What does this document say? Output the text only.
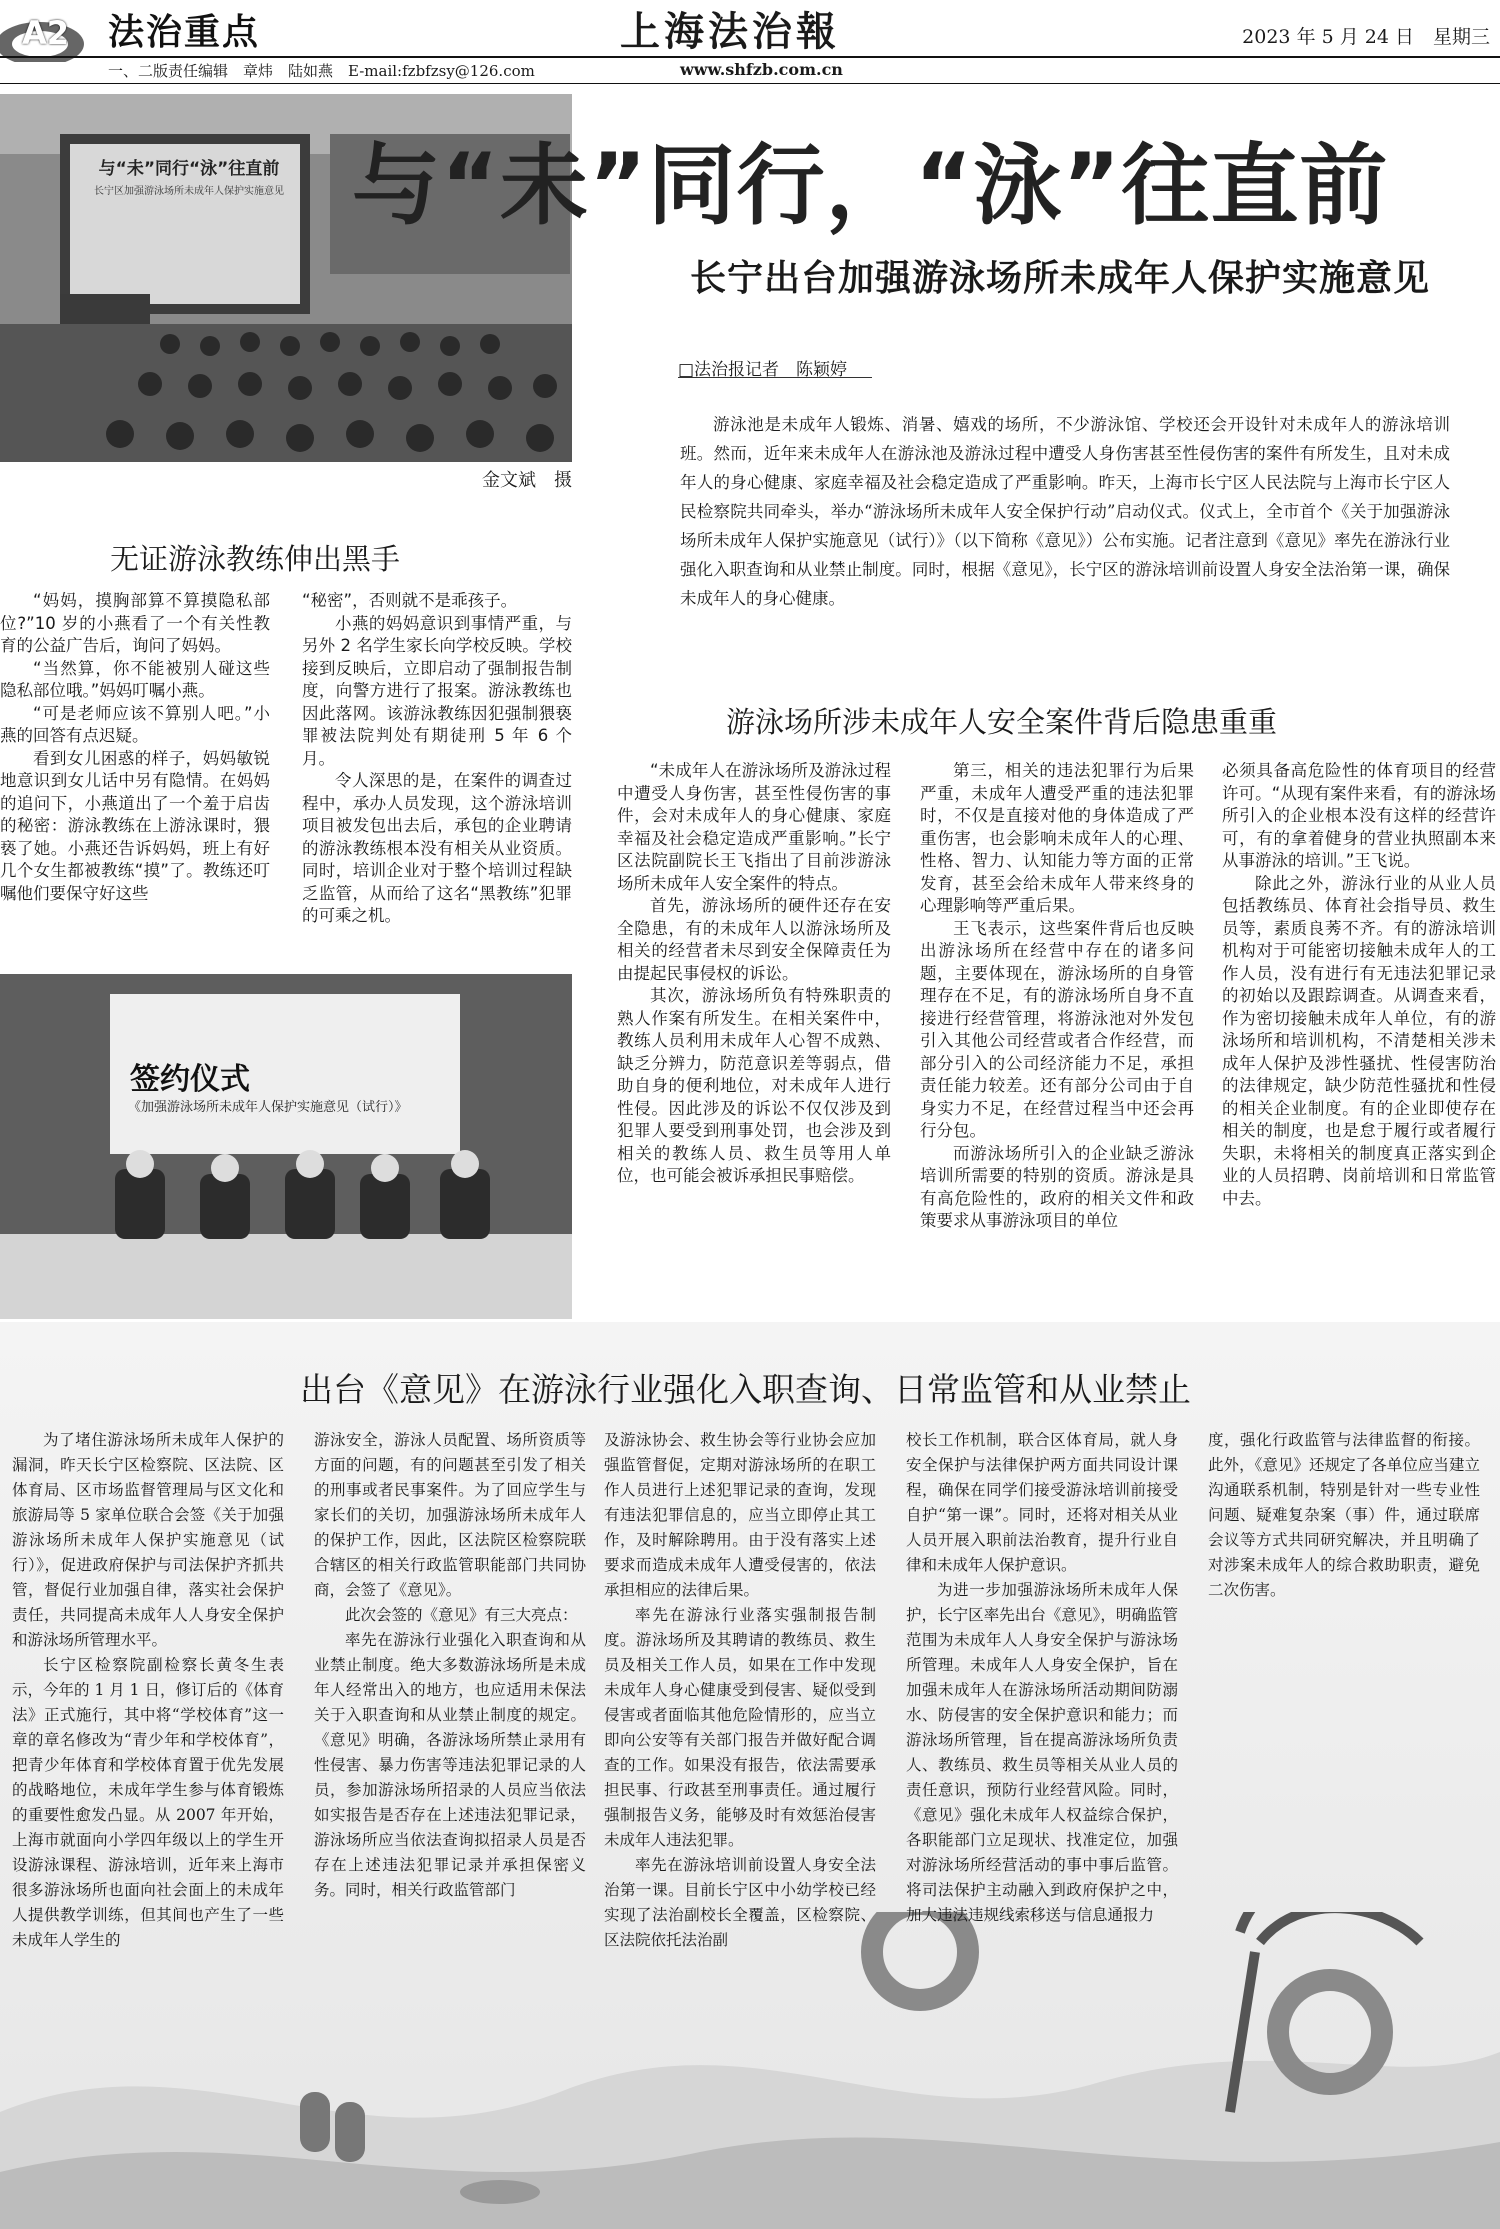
A2 法治重点	上海法治報	2023 年 5 月 24 日　星期三
一、二版责任编辑　章炜　陆如燕　E-mail:fzbfzsy@126.com	www.shfzb.com.cn
与“未”同行“泳”往直前
长宁区加强游泳场所未成年人保护实施意见
金文斌　摄
与“未”同行，“泳”往直前
长宁出台加强游泳场所未成年人保护实施意见
□法治报记者　陈颖婷
游泳池是未成年人锻炼、消暑、嬉戏的场所，不少游泳馆、学校还会开设针对未成年人的游泳培训班。然而，近年来未成年人在游泳池及游泳过程中遭受人身伤害甚至性侵伤害的案件有所发生，且对未成年人的身心健康、家庭幸福及社会稳定造成了严重影响。昨天，上海市长宁区人民法院与上海市长宁区人民检察院共同牵头，举办“游泳场所未成年人安全保护行动”启动仪式。仪式上，全市首个《关于加强游泳场所未成年人保护实施意见（试行）》（以下简称《意见》）公布实施。记者注意到《意见》率先在游泳行业强化入职查询和从业禁止制度。同时，根据《意见》，长宁区的游泳培训前设置人身安全法治第一课，确保未成年人的身心健康。
无证游泳教练伸出黑手

“妈妈，摸胸部算不算摸隐私部位?”10 岁的小燕看了一个有关性教育的公益广告后，询问了妈妈。

“当然算，你不能被别人碰这些隐私部位哦。”妈妈叮嘱小燕。

“可是老师应该不算别人吧。”小燕的回答有点迟疑。

看到女儿困惑的样子，妈妈敏锐地意识到女儿话中另有隐情。在妈妈的追问下，小燕道出了一个羞于启齿的秘密：游泳教练在上游泳课时，猥亵了她。小燕还告诉妈妈，班上有好几个女生都被教练“摸”了。教练还叮嘱他们要保守好这些

“秘密”，否则就不是乖孩子。

小燕的妈妈意识到事情严重，与另外 2 名学生家长向学校反映。学校接到反映后，立即启动了强制报告制度，向警方进行了报案。游泳教练也因此落网。该游泳教练因犯强制猥亵罪被法院判处有期徒刑 5 年 6 个月。

令人深思的是，在案件的调查过程中，承办人员发现，这个游泳培训项目被发包出去后，承包的企业聘请的游泳教练根本没有相关从业资质。同时，培训企业对于整个培训过程缺乏监管，从而给了这名“黑教练”犯罪的可乘之机。

签约仪式
《加强游泳场所未成年人保护实施意见（试行）》
游泳场所涉未成年人安全案件背后隐患重重

“未成年人在游泳场所及游泳过程中遭受人身伤害，甚至性侵伤害的事件，会对未成年人的身心健康、家庭幸福及社会稳定造成严重影响。”长宁区法院副院长王飞指出了目前涉游泳场所未成年人安全案件的特点。

首先，游泳场所的硬件还存在安全隐患，有的未成年人以游泳场所及相关的经营者未尽到安全保障责任为由提起民事侵权的诉讼。

其次，游泳场所负有特殊职责的熟人作案有所发生。在相关案件中，教练人员利用未成年人心智不成熟、缺乏分辨力，防范意识差等弱点，借助自身的便利地位，对未成年人进行性侵。因此涉及的诉讼不仅仅涉及到犯罪人要受到刑事处罚，也会涉及到相关的教练人员、救生员等用人单位，也可能会被诉承担民事赔偿。

第三，相关的违法犯罪行为后果严重，未成年人遭受严重的违法犯罪时，不仅是直接对他的身体造成了严重伤害，也会影响未成年人的心理、性格、智力、认知能力等方面的正常发育，甚至会给未成年人带来终身的心理影响等严重后果。

王飞表示，这些案件背后也反映出游泳场所在经营中存在的诸多问题，主要体现在，游泳场所的自身管理存在不足，有的游泳场所自身不直接进行经营管理，将游泳池对外发包引入其他公司经营或者合作经营，而部分引入的公司经济能力不足，承担责任能力较差。还有部分公司由于自身实力不足，在经营过程当中还会再行分包。

而游泳场所引入的企业缺乏游泳培训所需要的特别的资质。游泳是具有高危险性的，政府的相关文件和政策要求从事游泳项目的单位

必须具备高危险性的体育项目的经营许可。“从现有案件来看，有的游泳场所引入的企业根本没有这样的经营许可，有的拿着健身的营业执照副本来从事游泳的培训。”王飞说。

除此之外，游泳行业的从业人员包括教练员、体育社会指导员、救生员等，素质良莠不齐。有的游泳培训机构对于可能密切接触未成年人的工作人员，没有进行有无违法犯罪记录的初始以及跟踪调查。从调查来看，作为密切接触未成年人单位，有的游泳场所和培训机构，不清楚相关涉未成年人保护及涉性骚扰、性侵害防治的法律规定，缺少防范性骚扰和性侵的相关企业制度。有的企业即使存在相关的制度，也是怠于履行或者履行失职，未将相关的制度真正落实到企业的人员招聘、岗前培训和日常监管中去。

出台《意见》在游泳行业强化入职查询、日常监管和从业禁止

为了堵住游泳场所未成年人保护的漏洞，昨天长宁区检察院、区法院、区体育局、区市场监督管理局与区文化和旅游局等 5 家单位联合会签《关于加强游泳场所未成年人保护实施意见（试行）》，促进政府保护与司法保护齐抓共管，督促行业加强自律，落实社会保护责任，共同提高未成年人人身安全保护和游泳场所管理水平。

长宁区检察院副检察长黄冬生表示，今年的 1 月 1 日，修订后的《体育法》正式施行，其中将“学校体育”这一章的章名修改为“青少年和学校体育”，把青少年体育和学校体育置于优先发展的战略地位，未成年学生参与体育锻炼的重要性愈发凸显。从 2007 年开始，上海市就面向小学四年级以上的学生开设游泳课程、游泳培训，近年来上海市很多游泳场所也面向社会面上的未成年人提供教学训练，但其间也产生了一些未成年人学生的

游泳安全，游泳人员配置、场所资质等方面的问题，有的问题甚至引发了相关的刑事或者民事案件。为了回应学生与家长们的关切，加强游泳场所未成年人的保护工作，因此，区法院区检察院联合辖区的相关行政监管职能部门共同协商，会签了《意见》。

此次会签的《意见》有三大亮点：

率先在游泳行业强化入职查询和从业禁止制度。绝大多数游泳场所是未成年人经常出入的地方，也应适用未保法关于入职查询和从业禁止制度的规定。《意见》明确，各游泳场所禁止录用有性侵害、暴力伤害等违法犯罪记录的人员，参加游泳场所招录的人员应当依法如实报告是否存在上述违法犯罪记录，游泳场所应当依法查询拟招录人员是否存在上述违法犯罪记录并承担保密义务。同时，相关行政监管部门

及游泳协会、救生协会等行业协会应加强监管督促，定期对游泳场所的在职工作人员进行上述犯罪记录的查询，发现有违法犯罪信息的，应当立即停止其工作，及时解除聘用。由于没有落实上述要求而造成未成年人遭受侵害的，依法承担相应的法律后果。

率先在游泳行业落实强制报告制度。游泳场所及其聘请的教练员、救生员及相关工作人员，如果在工作中发现未成年人身心健康受到侵害、疑似受到侵害或者面临其他危险情形的，应当立即向公安等有关部门报告并做好配合调查的工作。如果没有报告，依法需要承担民事、行政甚至刑事责任。通过履行强制报告义务，能够及时有效惩治侵害未成年人违法犯罪。

率先在游泳培训前设置人身安全法治第一课。目前长宁区中小幼学校已经实现了法治副校长全覆盖，区检察院、区法院依托法治副

校长工作机制，联合区体育局，就人身安全保护与法律保护两方面共同设计课程，确保在同学们接受游泳培训前接受自护“第一课”。同时，还将对相关从业人员开展入职前法治教育，提升行业自律和未成年人保护意识。

为进一步加强游泳场所未成年人保护，长宁区率先出台《意见》，明确监管范围为未成年人人身安全保护与游泳场所管理。未成年人人身安全保护，旨在加强未成年人在游泳场所活动期间防溺水、防侵害的安全保护意识和能力；而游泳场所管理，旨在提高游泳场所负责人、教练员、救生员等相关从业人员的责任意识，预防行业经营风险。同时，《意见》强化未成年人权益综合保护，各职能部门立足现状、找准定位，加强对游泳场所经营活动的事中事后监管。将司法保护主动融入到政府保护之中，加大违法违规线索移送与信息通报力

度，强化行政监管与法律监督的衔接。此外，《意见》还规定了各单位应当建立沟通联系机制，特别是针对一些专业性问题、疑难复杂案（事）件，通过联席会议等方式共同研究解决，并且明确了对涉案未成年人的综合救助职责，避免二次伤害。
